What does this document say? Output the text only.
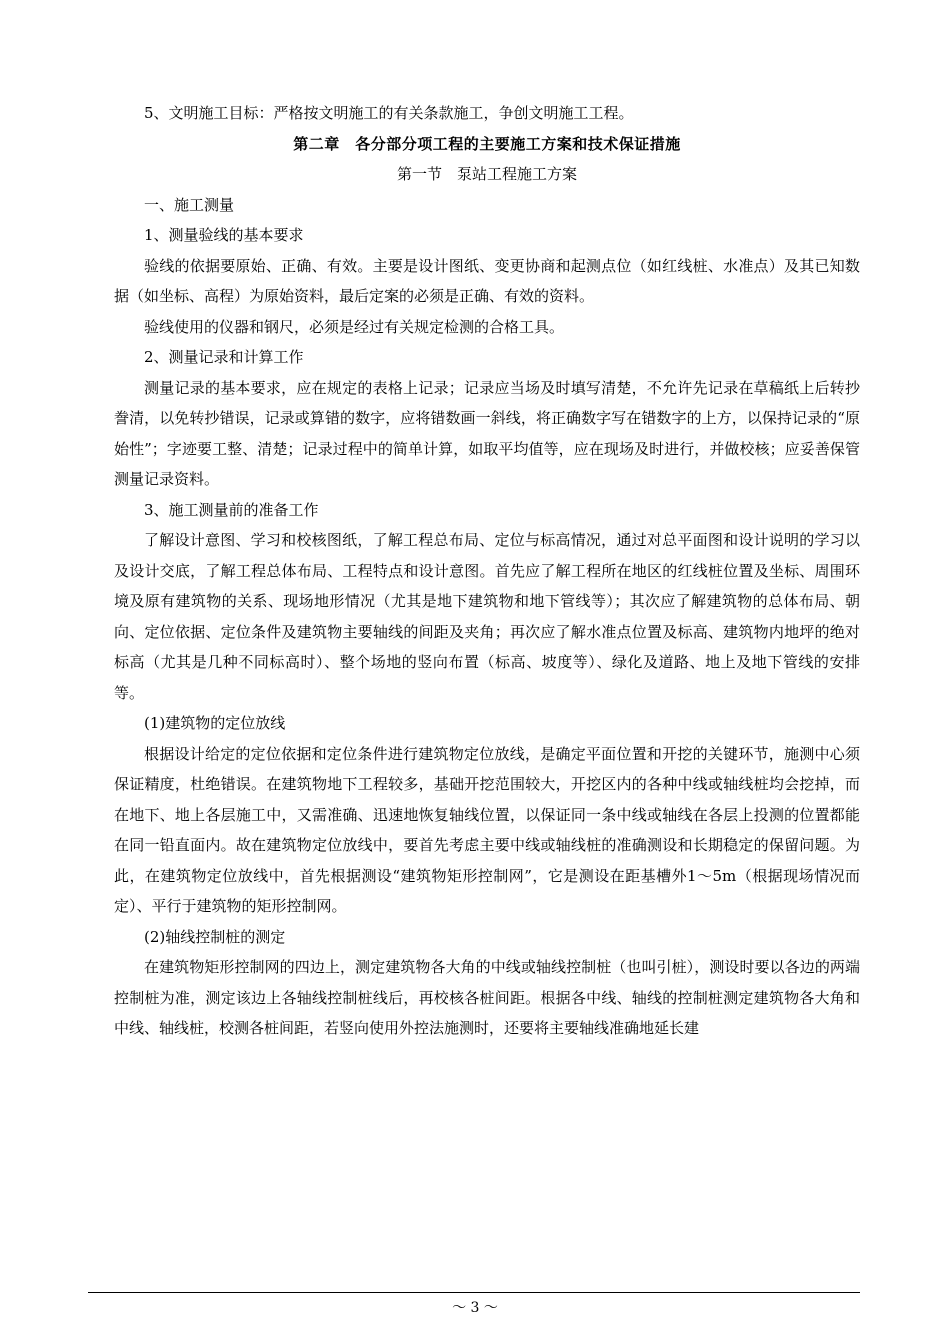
5、文明施工目标：严格按文明施工的有关条款施工，争创文明施工工程。

第二章　各分部分项工程的主要施工方案和技术保证措施

第一节　泵站工程施工方案

一、施工测量

1、测量验线的基本要求

验线的依据要原始、正确、有效。主要是设计图纸、变更协商和起测点位（如红线桩、水准点）及其已知数据（如坐标、高程）为原始资料，最后定案的必须是正确、有效的资料。

验线使用的仪器和钢尺，必须是经过有关规定检测的合格工具。

2、测量记录和计算工作

测量记录的基本要求，应在规定的表格上记录；记录应当场及时填写清楚，不允许先记录在草稿纸上后转抄誊清，以免转抄错误，记录或算错的数字，应将错数画一斜线，将正确数字写在错数字的上方，以保持记录的“原始性”；字迹要工整、清楚；记录过程中的简单计算，如取平均值等，应在现场及时进行，并做校核；应妥善保管测量记录资料。

3、施工测量前的准备工作

了解设计意图、学习和校核图纸，了解工程总布局、定位与标高情况，通过对总平面图和设计说明的学习以及设计交底，了解工程总体布局、工程特点和设计意图。首先应了解工程所在地区的红线桩位置及坐标、周围环境及原有建筑物的关系、现场地形情况（尤其是地下建筑物和地下管线等）；其次应了解建筑物的总体布局、朝向、定位依据、定位条件及建筑物主要轴线的间距及夹角；再次应了解水准点位置及标高、建筑物内地坪的绝对标高（尤其是几种不同标高时）、整个场地的竖向布置（标高、坡度等）、绿化及道路、地上及地下管线的安排等。

(1)建筑物的定位放线

根据设计给定的定位依据和定位条件进行建筑物定位放线，是确定平面位置和开挖的关键环节，施测中心须保证精度，杜绝错误。在建筑物地下工程较多，基础开挖范围较大，开挖区内的各种中线或轴线桩均会挖掉，而在地下、地上各层施工中，又需准确、迅速地恢复轴线位置，以保证同一条中线或轴线在各层上投测的位置都能在同一铅直面内。故在建筑物定位放线中，要首先考虑主要中线或轴线桩的准确测设和长期稳定的保留问题。为此，在建筑物定位放线中，首先根据测设“建筑物矩形控制网”，它是测设在距基槽外1～5m（根据现场情况而定）、平行于建筑物的矩形控制网。

(2)轴线控制桩的测定

在建筑物矩形控制网的四边上，测定建筑物各大角的中线或轴线控制桩（也叫引桩），测设时要以各边的两端控制桩为准，测定该边上各轴线控制桩线后，再校核各桩间距。根据各中线、轴线的控制桩测定建筑物各大角和中线、轴线桩，校测各桩间距，若竖向使用外控法施测时，还要将主要轴线准确地延长建

～ 3 ～
